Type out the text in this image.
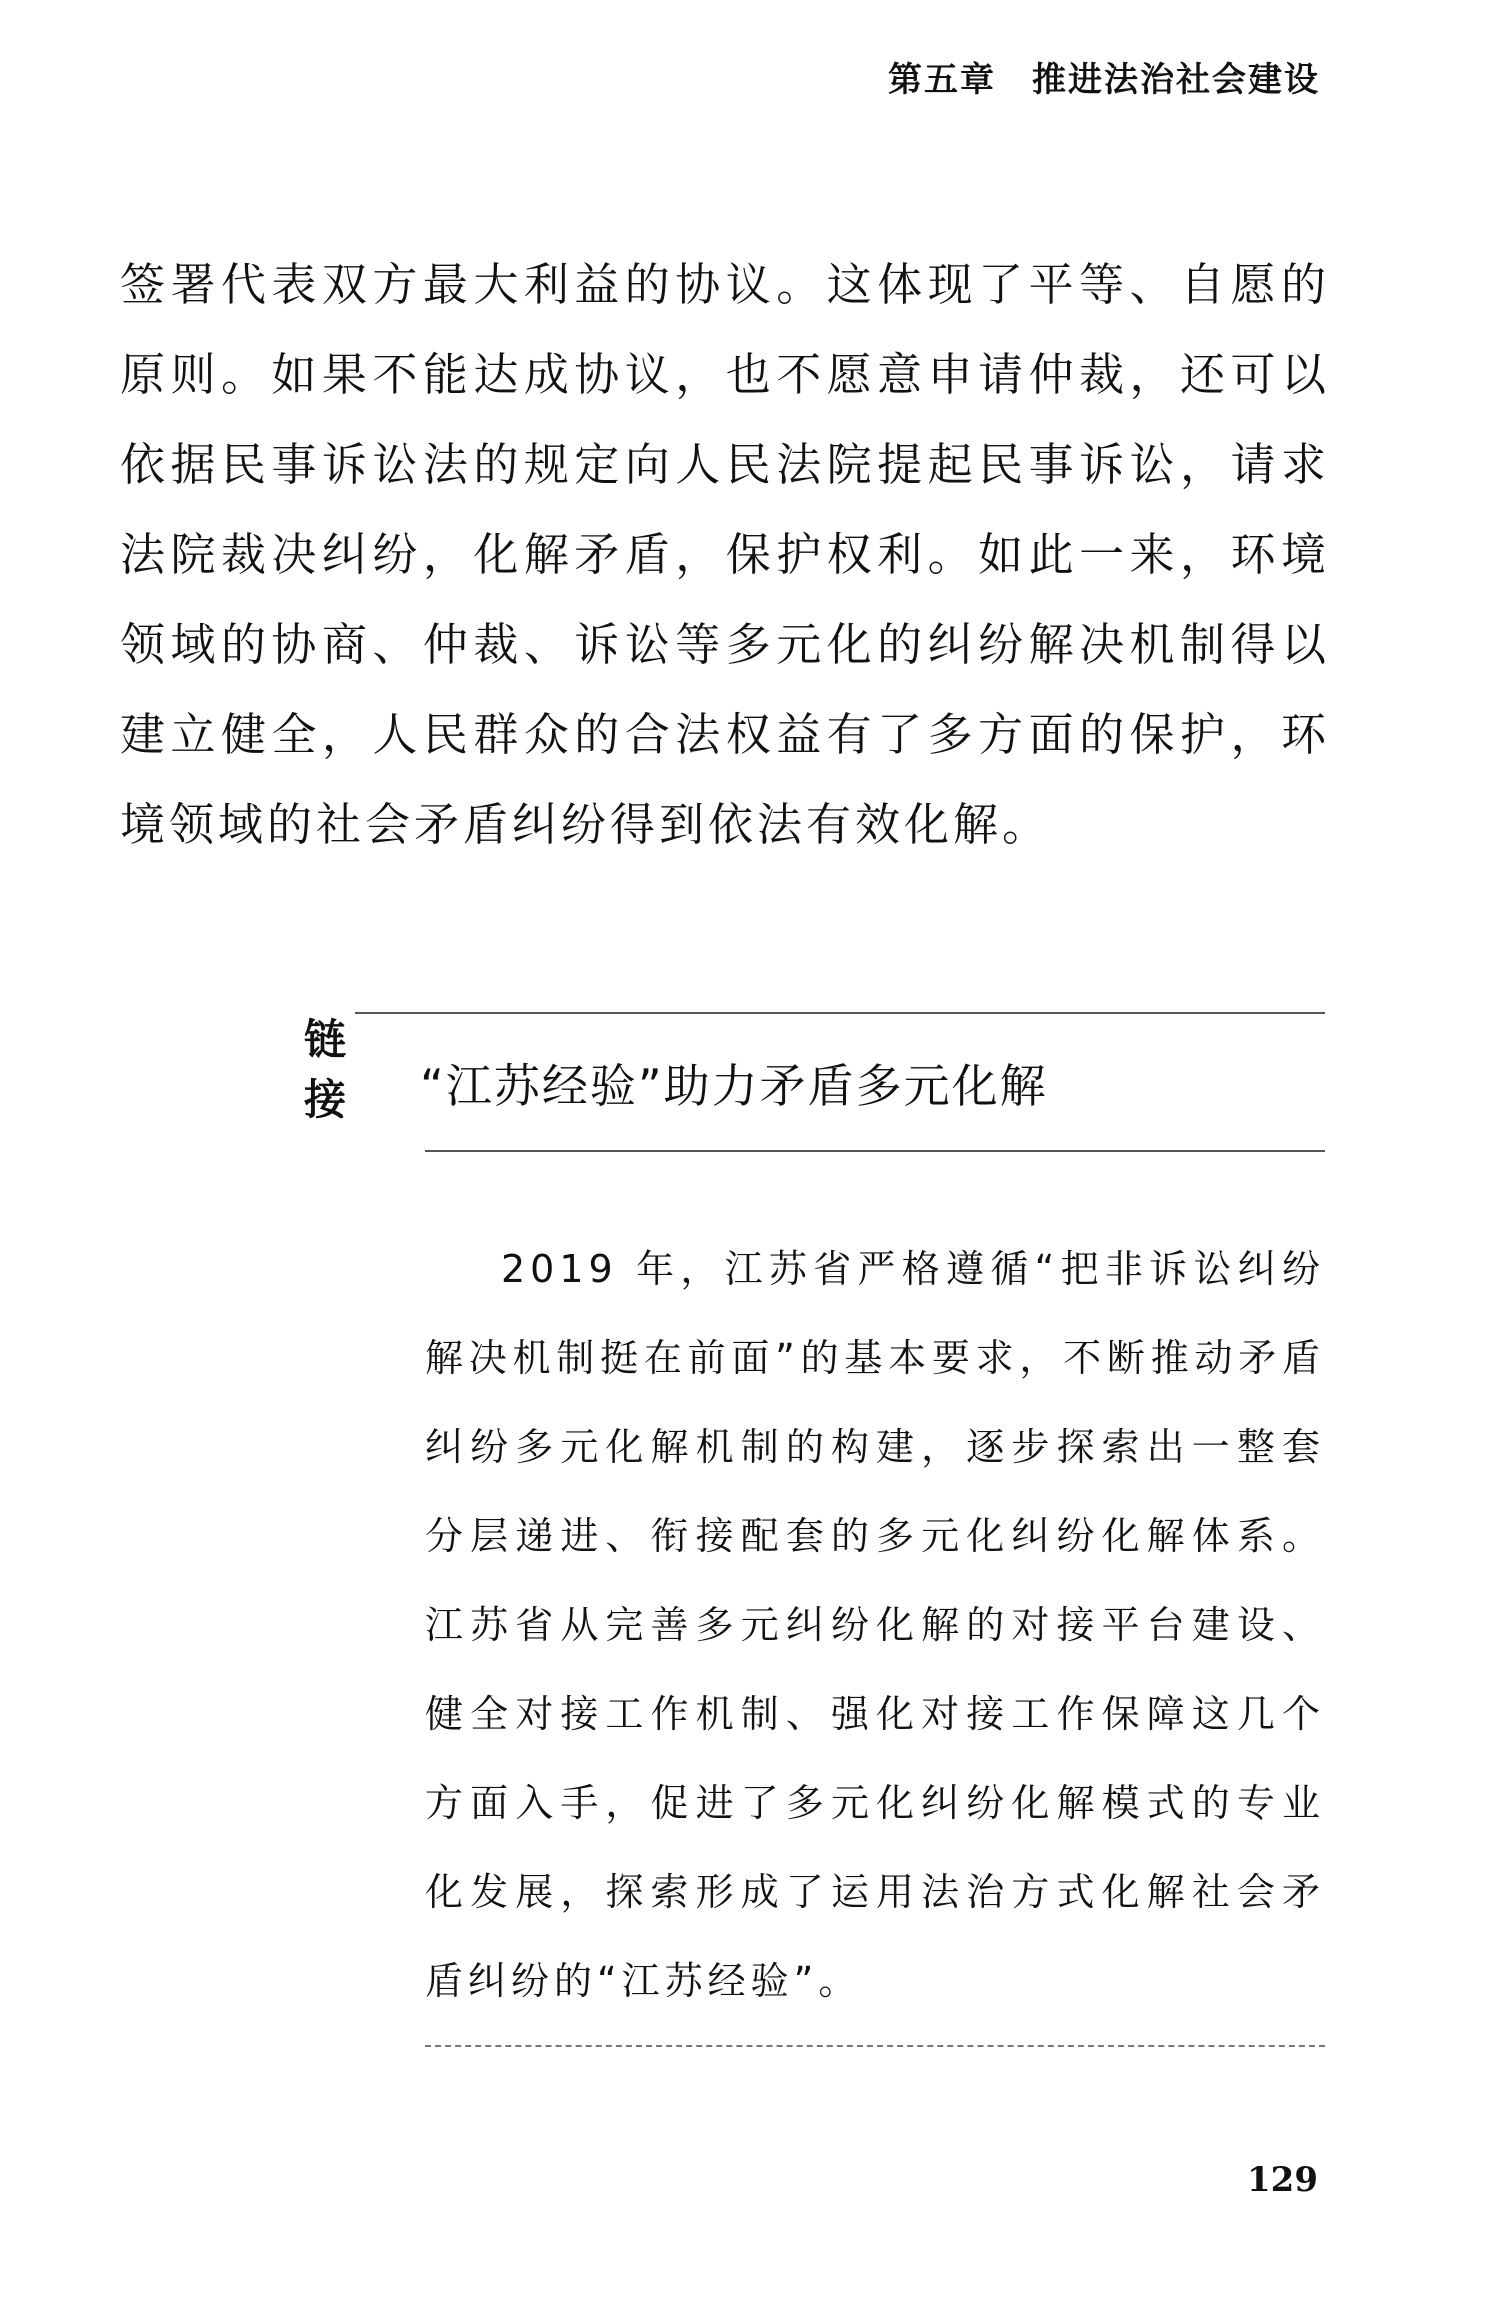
第五章 推进法治社会建设

签署代表双方最大利益的协议。这体现了平等、自愿的原则。如果不能达成协议，也不愿意申请仲裁，还可以依据民事诉讼法的规定向人民法院提起民事诉讼，请求法院裁决纠纷，化解矛盾，保护权利。如此一来，环境领域的协商、仲裁、诉讼等多元化的纠纷解决机制得以建立健全，人民群众的合法权益有了多方面的保护，环境领域的社会矛盾纠纷得到依法有效化解。

链
接 “江苏经验”助力矛盾多元化解

2019 年，江苏省严格遵循“把非诉讼纠纷解决机制挺在前面”的基本要求，不断推动矛盾纠纷多元化解机制的构建，逐步探索出一整套分层递进、衔接配套的多元化纠纷化解体系。江苏省从完善多元纠纷化解的对接平台建设、健全对接工作机制、强化对接工作保障这几个方面入手，促进了多元化纠纷化解模式的专业化发展，探索形成了运用法治方式化解社会矛盾纠纷的“江苏经验”。

129
